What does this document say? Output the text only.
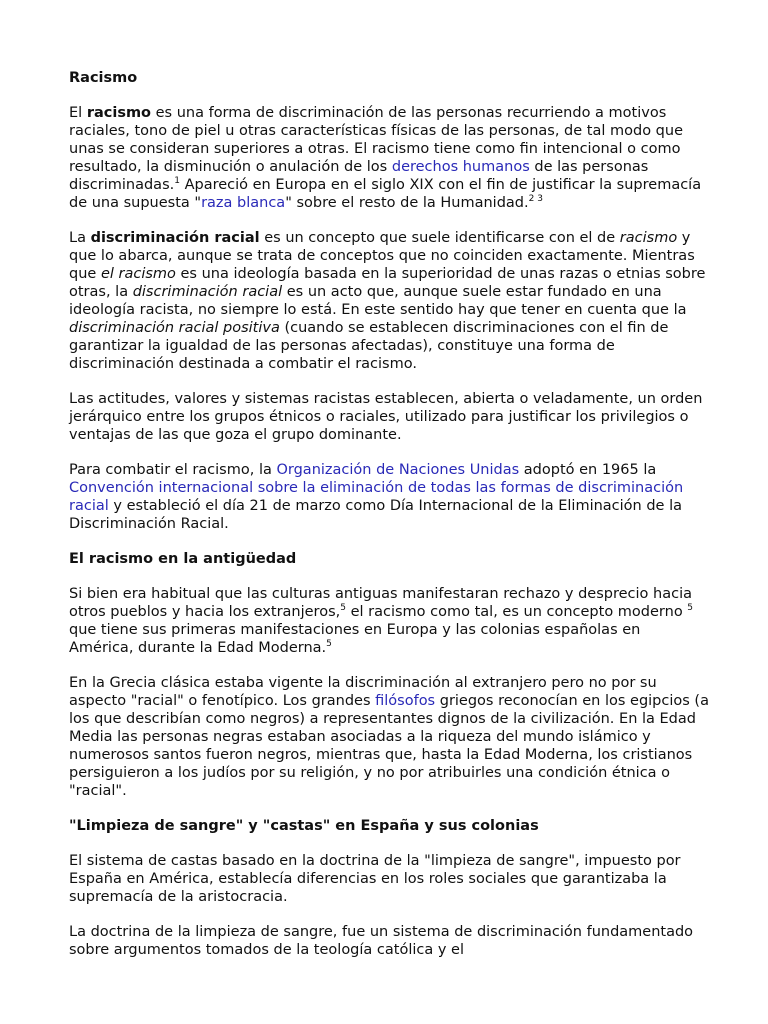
Racismo

El racismo es una forma de discriminación de las personas recurriendo a motivos raciales, tono de piel u otras características físicas de las personas, de tal modo que unas se consideran superiores a otras. El racismo tiene como fin intencional o como resultado, la disminución o anulación de los derechos humanos de las personas discriminadas.$^1$ Apareció en Europa en el siglo XIX con el fin de justificar la supremacía de una supuesta "raza blanca" sobre el resto de la Humanidad.$^{2 3}$

La discriminación racial es un concepto que suele identificarse con el de racismo y que lo abarca, aunque se trata de conceptos que no coinciden exactamente. Mientras que el racismo es una ideología basada en la superioridad de unas razas o etnias sobre otras, la discriminación racial es un acto que, aunque suele estar fundado en una ideología racista, no siempre lo está. En este sentido hay que tener en cuenta que la discriminación racial positiva (cuando se establecen discriminaciones con el fin de garantizar la igualdad de las personas afectadas), constituye una forma de discriminación destinada a combatir el racismo.

Las actitudes, valores y sistemas racistas establecen, abierta o veladamente, un orden jerárquico entre los grupos étnicos o raciales, utilizado para justificar los privilegios o ventajas de las que goza el grupo dominante.

Para combatir el racismo, la Organización de Naciones Unidas adoptó en 1965 la Convención internacional sobre la eliminación de todas las formas de discriminación racial y estableció el día 21 de marzo como Día Internacional de la Eliminación de la Discriminación Racial.

El racismo en la antigüedad

Si bien era habitual que las culturas antiguas manifestaran rechazo y desprecio hacia otros pueblos y hacia los extranjeros,$^5$ el racismo como tal, es un concepto moderno $^5$ que tiene sus primeras manifestaciones en Europa y las colonias españolas en América, durante la Edad Moderna.$^5$

En la Grecia clásica estaba vigente la discriminación al extranjero pero no por su aspecto "racial" o fenotípico. Los grandes filósofos griegos reconocían en los egipcios (a los que describían como negros) a representantes dignos de la civilización. En la Edad Media las personas negras estaban asociadas a la riqueza del mundo islámico y numerosos santos fueron negros, mientras que, hasta la Edad Moderna, los cristianos persiguieron a los judíos por su religión, y no por atribuirles una condición étnica o "racial".

"Limpieza de sangre" y "castas" en España y sus colonias

El sistema de castas basado en la doctrina de la "limpieza de sangre", impuesto por España en América, establecía diferencias en los roles sociales que garantizaba la supremacía de la aristocracia.

La doctrina de la limpieza de sangre, fue un sistema de discriminación fundamentado sobre argumentos tomados de la teología católica y el
